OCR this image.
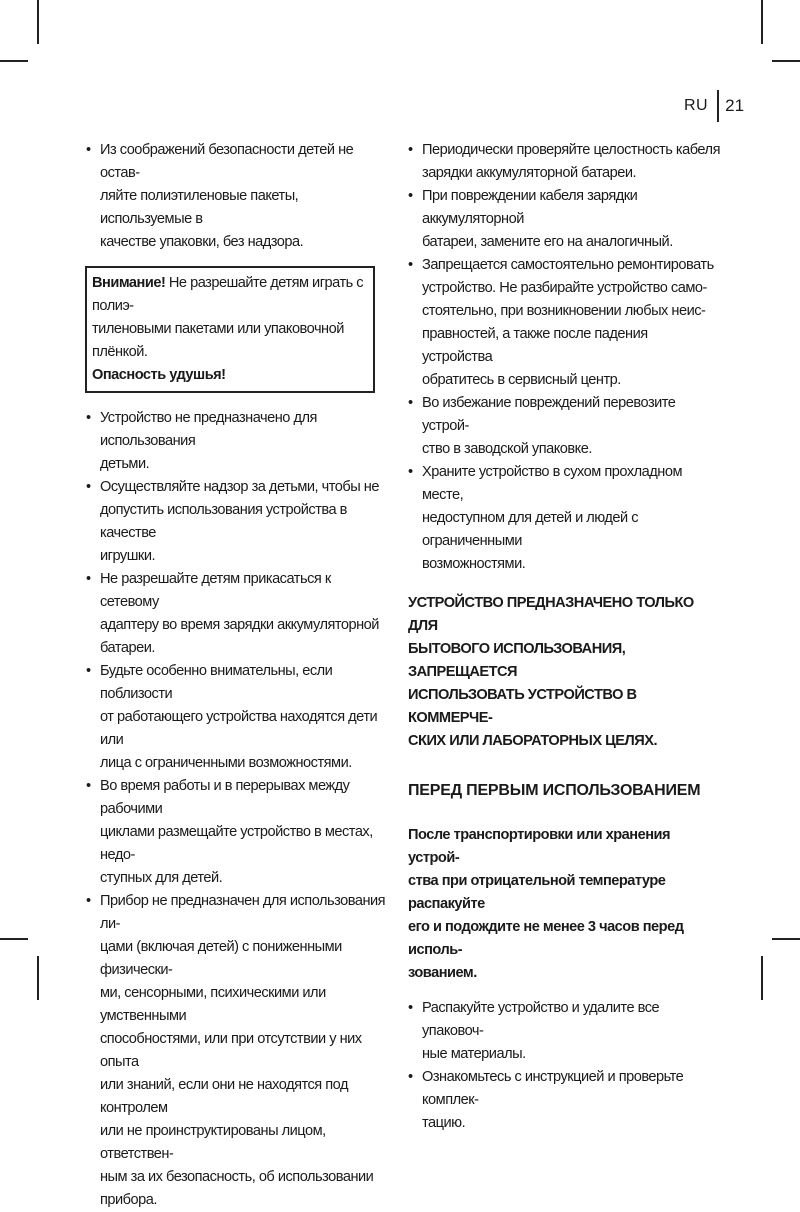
RU 21
• Из соображений безопасности детей не остав-
ляйте полиэтиленовые пакеты, используемые в
качестве упаковки, без надзора.
Внимание! Не разрешайте детям играть с полиэ-
тиленовыми пакетами или упаковочной плёнкой.
Опасность удушья!
• Устройство не предназначено для использования
детьми.
• Осуществляйте надзор за детьми, чтобы не
допустить использования устройства в качестве
игрушки.
• Не разрешайте детям прикасаться к сетевому
адаптеру во время зарядки аккумуляторной
батареи.
• Будьте особенно внимательны, если поблизости
от работающего устройства находятся дети или
лица с ограниченными возможностями.
• Во время работы и в перерывах между рабочими
циклами размещайте устройство в местах, недо-
ступных для детей.
• Прибор не предназначен для использования ли-
цами (включая детей) с пониженными физически-
ми, сенсорными, психическими или умственными
способностями, или при отсутствии у них опыта
или знаний, если они не находятся под контролем
или не проинструктированы лицом, ответствен-
ным за их безопасность, об использовании
прибора.
• Периодически проверяйте целостность кабеля
зарядки аккумуляторной батареи.
• При повреждении кабеля зарядки аккумуляторной
батареи, замените его на аналогичный.
• Запрещается самостоятельно ремонтировать
устройство. Не разбирайте устройство само-
стоятельно, при возникновении любых неис-
правностей, а также после падения устройства
обратитесь в сервисный центр.
• Во избежание повреждений перевозите устрой-
ство в заводской упаковке.
• Храните устройство в сухом прохладном месте,
недоступном для детей и людей с ограниченными
возможностями.

УСТРОЙСТВО ПРЕДНАЗНАЧЕНО ТОЛЬКО ДЛЯ
БЫТОВОГО ИСПОЛЬЗОВАНИЯ, ЗАПРЕЩАЕТСЯ
ИСПОЛЬЗОВАТЬ УСТРОЙСТВО В КОММЕРЧЕ-
СКИХ ИЛИ ЛАБОРАТОРНЫХ ЦЕЛЯХ.

ПЕРЕД ПЕРВЫМ ИСПОЛЬЗОВАНИЕМ

После транспортировки или хранения устрой-
ства при отрицательной температуре распакуйте
его и подождите не менее 3 часов перед исполь-
зованием.

• Распакуйте устройство и удалите все упаковоч-
ные материалы.
• Ознакомьтесь с инструкцией и проверьте комплек-
тацию.
